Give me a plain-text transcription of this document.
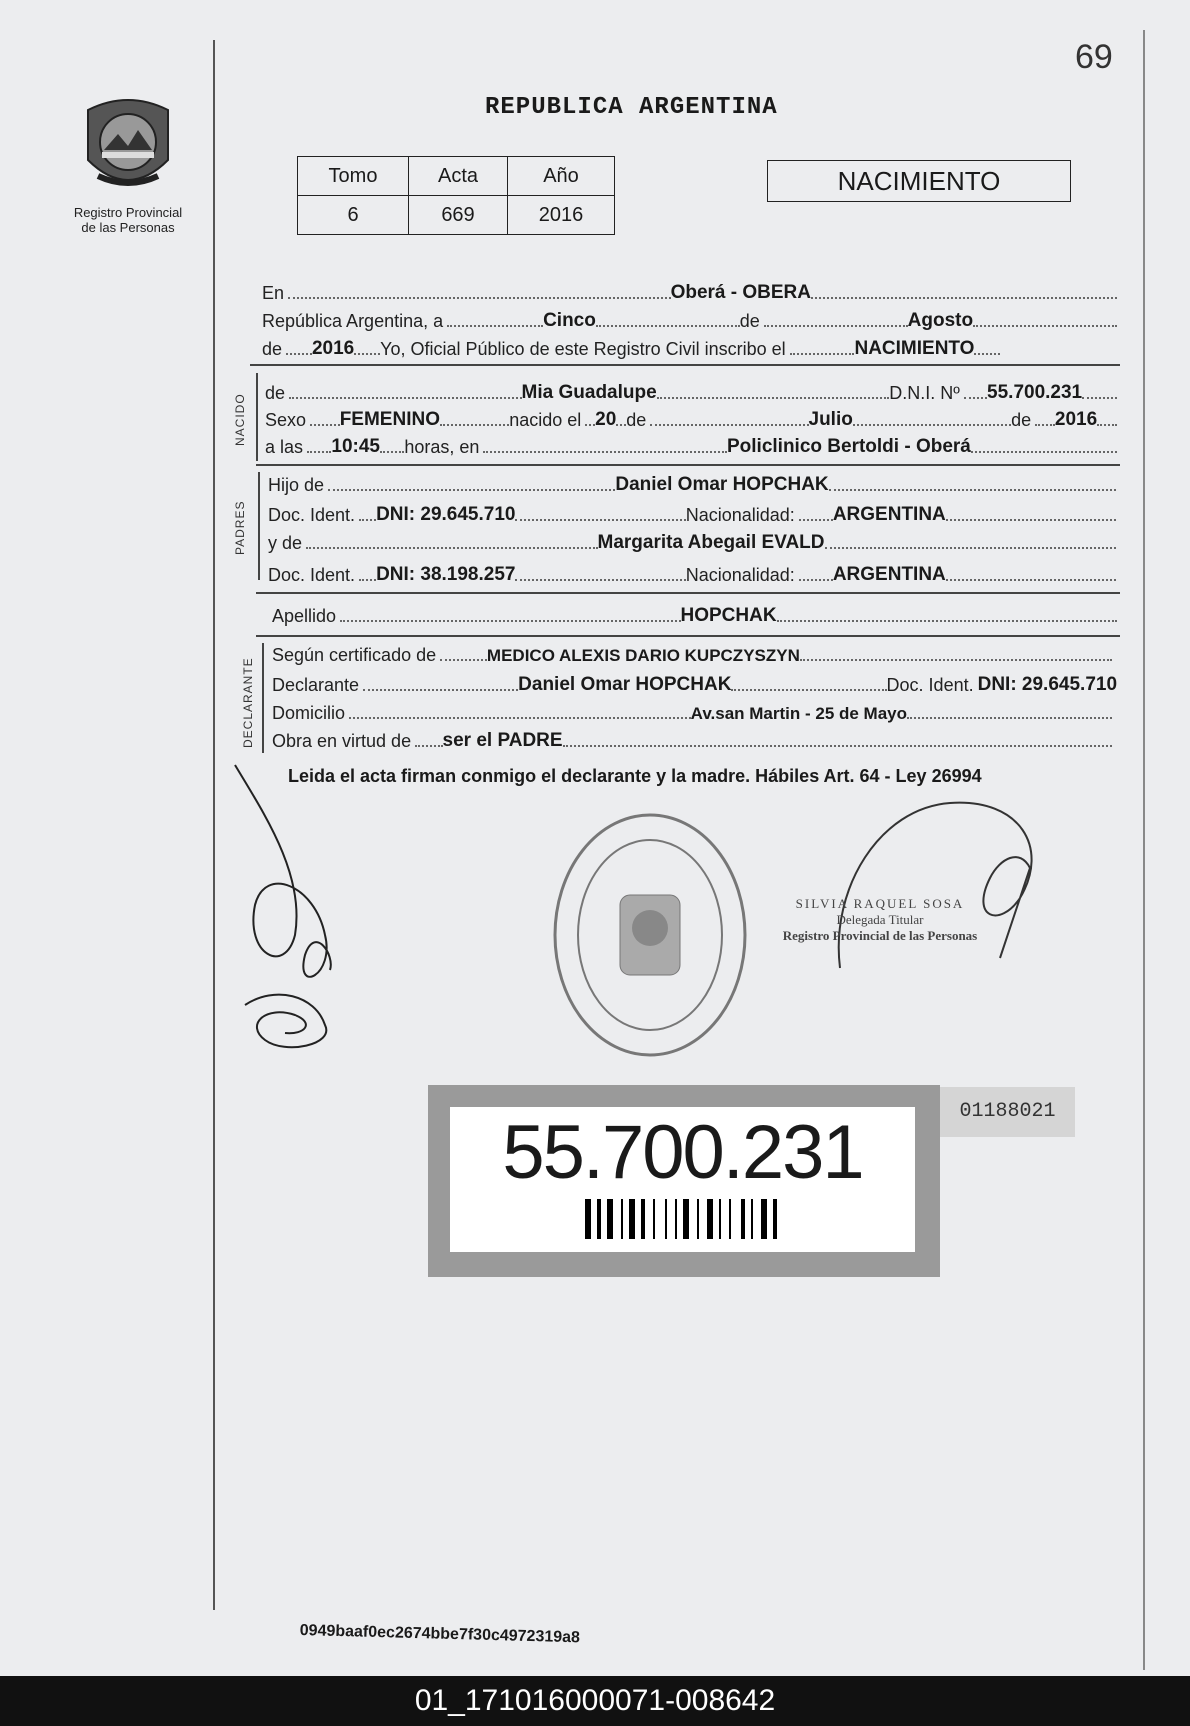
69
Registro Provincial
de las Personas
REPUBLICA ARGENTINA
Tomo	Acta	Año
6	669	2016
NACIMIENTO
En	Oberá - OBERA
República Argentina, a	Cinco	de	Agosto
de 2016 Yo, Oficial Público de este Registro Civil inscribo el	NACIMIENTO
NACIDO
de	Mia Guadalupe	D.N.I. Nº 55.700.231
Sexo FEMENINO	nacido el 20 de	Julio	de 2016
a las 10:45 horas, en	Policlinico Bertoldi - Oberá
PADRES
Hijo de	Daniel Omar HOPCHAK
Doc. Ident. DNI: 29.645.710	Nacionalidad: ARGENTINA
y de	Margarita Abegail EVALD
Doc. Ident. DNI: 38.198.257	Nacionalidad: ARGENTINA
Apellido	HOPCHAK
DECLARANTE
Según certificado de	MEDICO ALEXIS DARIO KUPCZYSZYN
Declarante	Daniel Omar HOPCHAK	Doc. Ident. DNI: 29.645.710
Domicilio	Av.san Martin - 25 de Mayo
Obra en virtud de ser el PADRE
Leida el acta firman conmigo el declarante y la madre. Hábiles Art. 64 - Ley 26994
SILVIA RAQUEL SOSA
Delegada Titular
Registro Provincial de las Personas
55.700.231	01188021
0949baaf0ec2674bbe7f30c4972319a8
01_171016000071-008642
